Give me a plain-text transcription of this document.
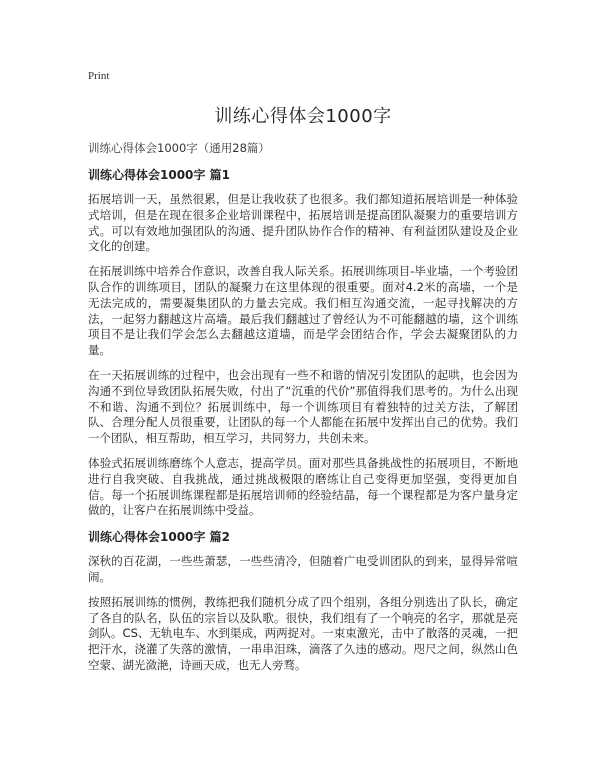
Print
训练心得体会1000字

训练心得体会1000字（通用28篇）

训练心得体会1000字 篇1

拓展培训一天，虽然很累，但是让我收获了也很多。我们都知道拓展培训是一种体验式培训，但是在现在很多企业培训课程中，拓展培训是提高团队凝聚力的重要培训方式。可以有效地加强团队的沟通、提升团队协作合作的精神、有利益团队建设及企业文化的创建。

在拓展训练中培养合作意识，改善自我人际关系。拓展训练项目-毕业墙，一个考验团队合作的训练项目，团队的凝聚力在这里体现的很重要。面对4.2米的高墙，一个是无法完成的，需要凝集团队的力量去完成。我们相互沟通交流，一起寻找解决的方法，一起努力翻越这片高墙。最后我们翻越过了曾经认为不可能翻越的墙，这个训练项目不是让我们学会怎么去翻越这道墙，而是学会团结合作，学会去凝聚团队的力量。

在一天拓展训练的过程中，也会出现有一些不和谐的情况引发团队的起哄，也会因为沟通不到位导致团队拓展失败，付出了“沉重的代价”那值得我们思考的。为什么出现不和谐、沟通不到位？拓展训练中，每一个训练项目有着独特的过关方法，了解团队、合理分配人员很重要，让团队的每一个人都能在拓展中发挥出自己的优势。我们一个团队，相互帮助，相互学习，共同努力，共创未来。

体验式拓展训练磨练个人意志，提高学员。面对那些具备挑战性的拓展项目，不断地进行自我突破、自我挑战，通过挑战极限的磨练让自己变得更加坚强，变得更加自信。每一个拓展训练课程都是拓展培训师的经验结晶，每一个课程都是为客户量身定做的，让客户在拓展训练中受益。

训练心得体会1000字 篇2

深秋的百花湖，一些些萧瑟，一些些清冷，但随着广电受训团队的到来，显得异常喧闹。

按照拓展训练的惯例，教练把我们随机分成了四个组别，各组分别选出了队长，确定了各自的队名，队伍的宗旨以及队歌。很快，我们组有了一个响亮的名字，那就是亮剑队。CS、无轨电车、水到渠成，两两捉对。一束束激光，击中了散落的灵魂，一把把汗水，浇灌了失落的激情，一串串泪珠，滴落了久违的感动。咫尺之间，纵然山色空蒙、湖光潋滟，诗画天成，也无人旁骛。
